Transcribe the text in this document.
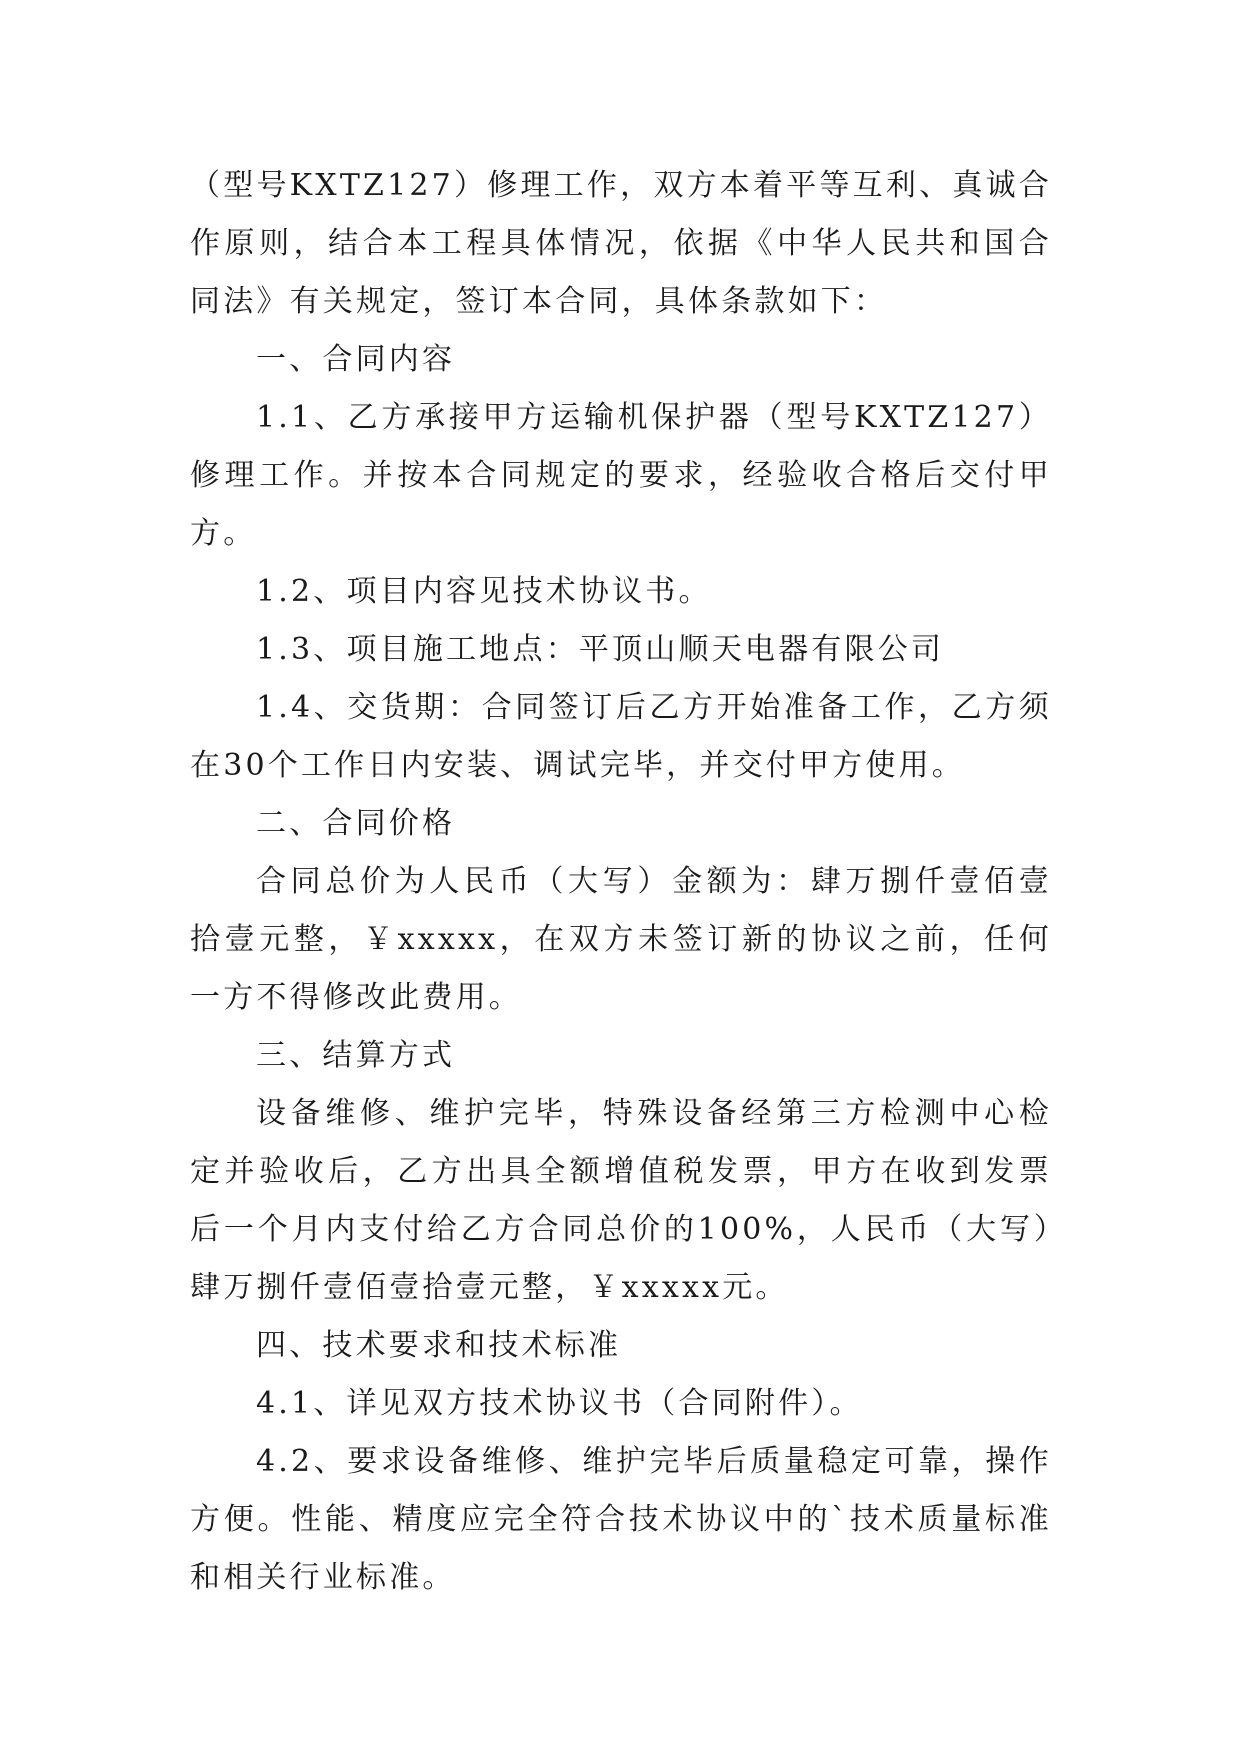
（型号KXTZ127）修理工作，双方本着平等互利、真诚合作原则，结合本工程具体情况，依据《中华人民共和国合同法》有关规定，签订本合同，具体条款如下：

一、合同内容

1.1、乙方承接甲方运输机保护器（型号KXTZ127）修理工作。并按本合同规定的要求，经验收合格后交付甲方。

1.2、项目内容见技术协议书。

1.3、项目施工地点：平顶山顺天电器有限公司

1.4、交货期：合同签订后乙方开始准备工作，乙方须在30个工作日内安装、调试完毕，并交付甲方使用。

二、合同价格

合同总价为人民币（大写）金额为：肆万捌仟壹佰壹拾壹元整，￥xxxxx，在双方未签订新的协议之前，任何一方不得修改此费用。

三、结算方式

设备维修、维护完毕，特殊设备经第三方检测中心检定并验收后，乙方出具全额增值税发票，甲方在收到发票后一个月内支付给乙方合同总价的100%，人民币（大写）肆万捌仟壹佰壹拾壹元整，￥xxxxx元。

四、技术要求和技术标准

4.1、详见双方技术协议书（合同附件）。

4.2、要求设备维修、维护完毕后质量稳定可靠，操作方便。性能、精度应完全符合技术协议中的`技术质量标准和相关行业标准。
